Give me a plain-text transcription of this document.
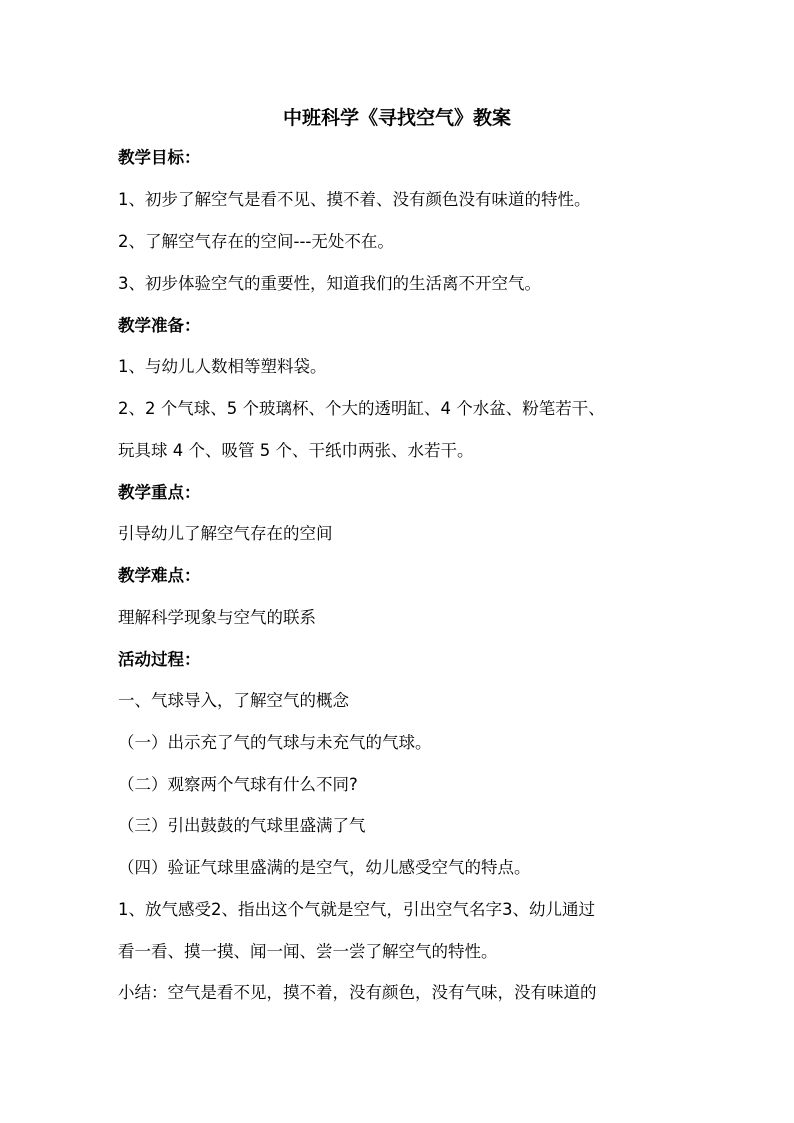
中班科学《寻找空气》教案
教学目标：
1、初步了解空气是看不见、摸不着、没有颜色没有味道的特性。
2、了解空气存在的空间---无处不在。
3、初步体验空气的重要性，知道我们的生活离不开空气。
教学准备：
1、与幼儿人数相等塑料袋。
2、2 个气球、5 个玻璃杯、个大的透明缸、4 个水盆、粉笔若干、
玩具球 4 个、吸管 5 个、干纸巾两张、水若干。
教学重点：
引导幼儿了解空气存在的空间
教学难点：
理解科学现象与空气的联系
活动过程：
一、气球导入，了解空气的概念
（一）出示充了气的气球与未充气的气球。
（二）观察两个气球有什么不同?
（三）引出鼓鼓的气球里盛满了气
（四）验证气球里盛满的是空气，幼儿感受空气的特点。
1、放气感受2、指出这个气就是空气，引出空气名字3、幼儿通过
看一看、摸一摸、闻一闻、尝一尝了解空气的特性。
小结：空气是看不见，摸不着，没有颜色，没有气味，没有味道的
